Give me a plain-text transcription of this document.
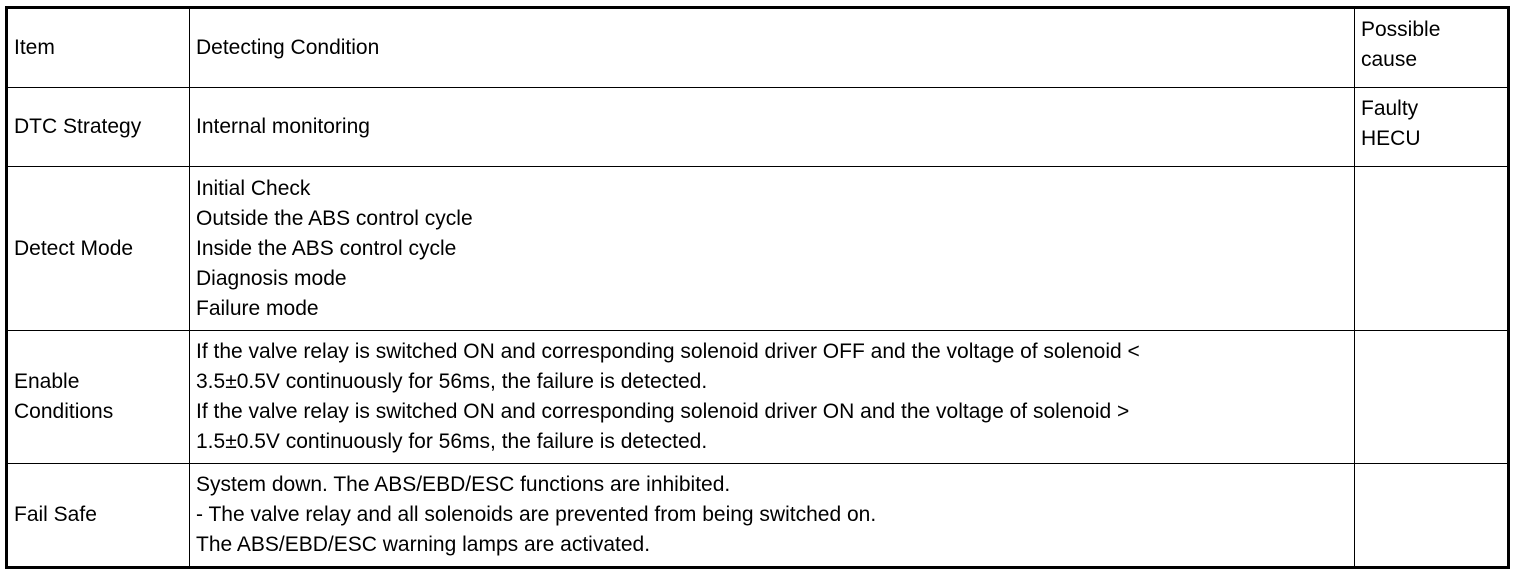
Item	Detecting Condition	Possible
cause

DTC Strategy	Internal monitoring	Faulty
HECU

Detect Mode	Initial Check
Outside the ABS control cycle
Inside the ABS control cycle
Diagnosis mode
Failure mode	

Enable
Conditions	If the valve relay is switched ON and corresponding solenoid driver OFF and the voltage of solenoid <
3.5±0.5V continuously for 56ms, the failure is detected.
If the valve relay is switched ON and corresponding solenoid driver ON and the voltage of solenoid >
1.5±0.5V continuously for 56ms, the failure is detected.	

Fail Safe	System down. The ABS/EBD/ESC functions are inhibited.
- The valve relay and all solenoids are prevented from being switched on.
The ABS/EBD/ESC warning lamps are activated.	
